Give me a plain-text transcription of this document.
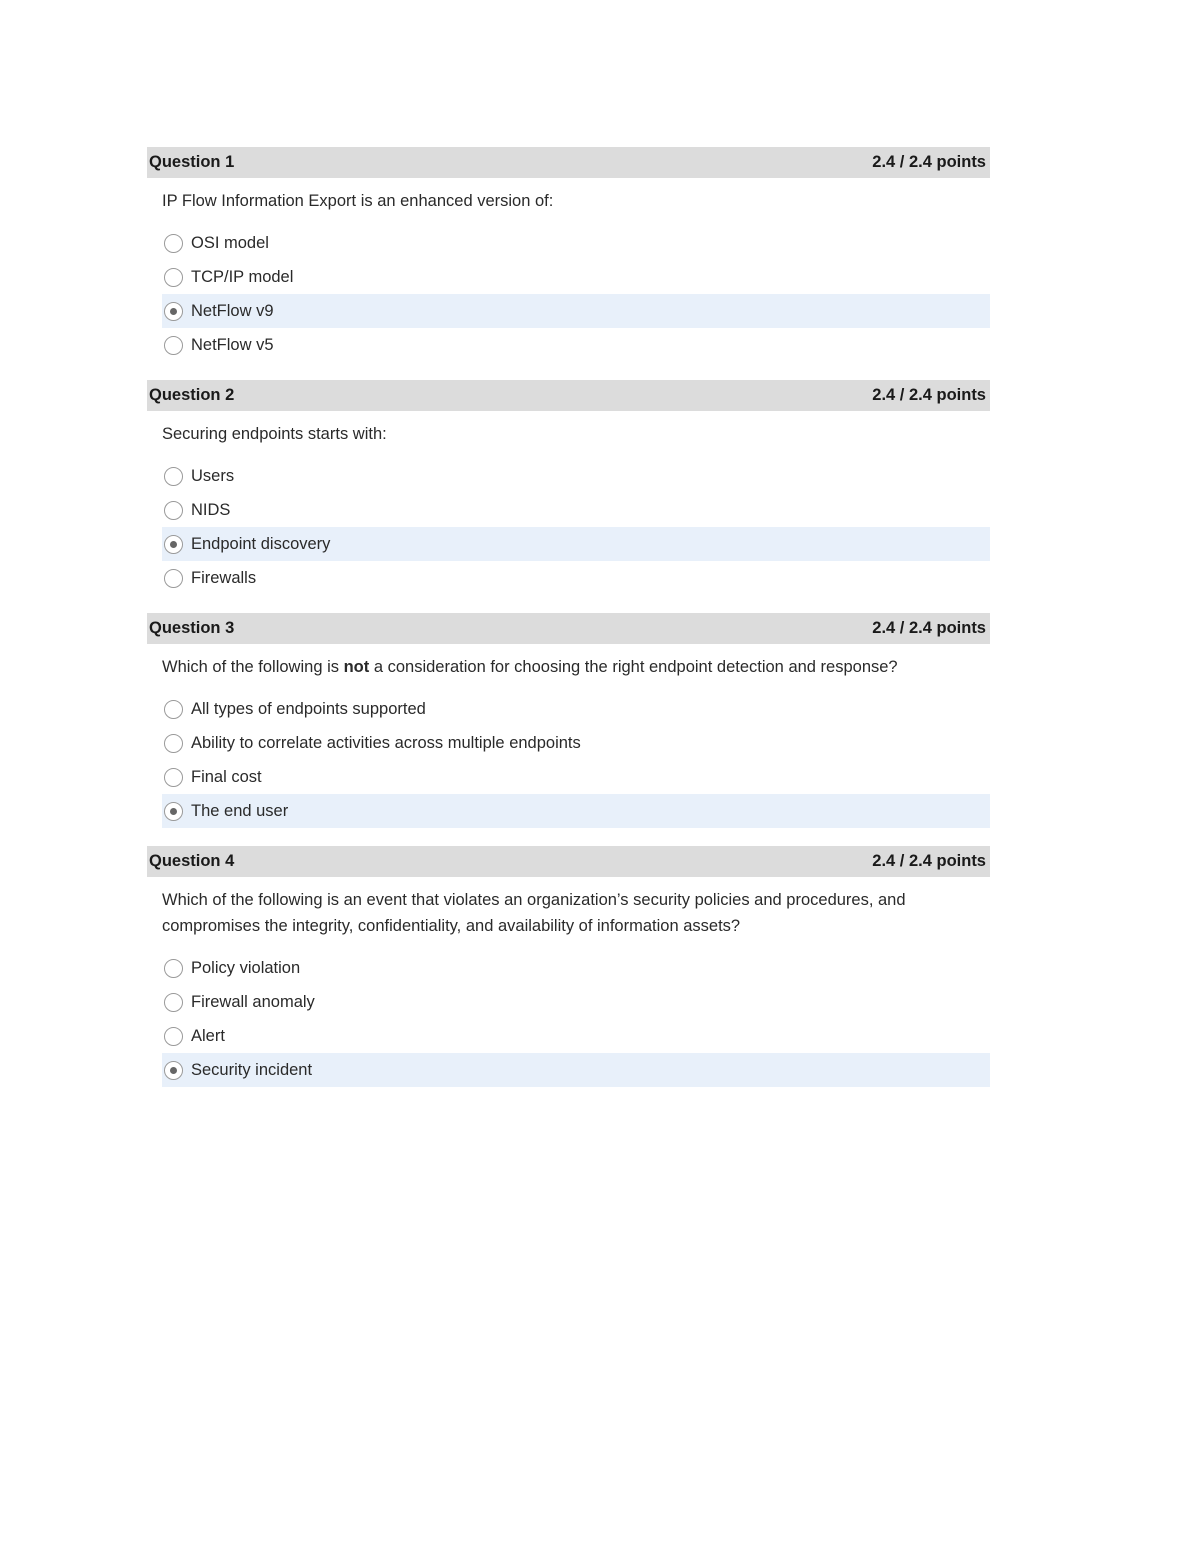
Question 1	2.4 / 2.4 points
IP Flow Information Export is an enhanced version of:
OSI model
TCP/IP model
NetFlow v9
NetFlow v5
Question 2	2.4 / 2.4 points
Securing endpoints starts with:
Users
NIDS
Endpoint discovery
Firewalls
Question 3	2.4 / 2.4 points
Which of the following is not a consideration for choosing the right endpoint detection and response?
All types of endpoints supported
Ability to correlate activities across multiple endpoints
Final cost
The end user
Question 4	2.4 / 2.4 points
Which of the following is an event that violates an organization’s security policies and procedures, and compromises the integrity, confidentiality, and availability of information assets?
Policy violation
Firewall anomaly
Alert
Security incident
